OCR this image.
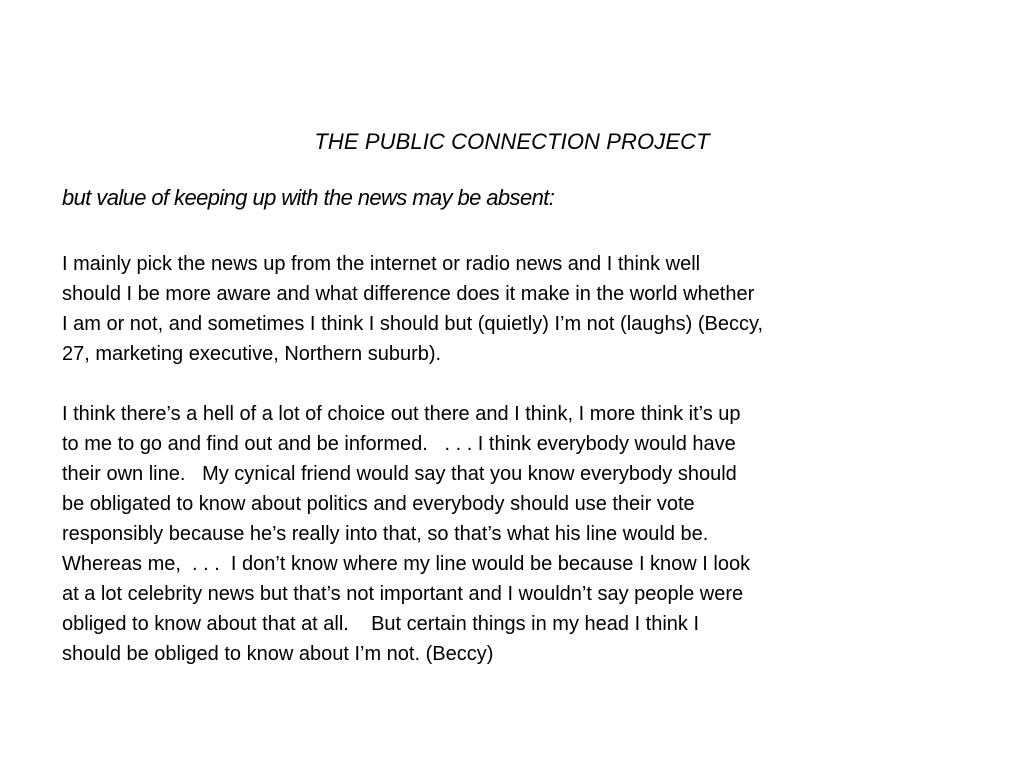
THE PUBLIC CONNECTION PROJECT
but value of keeping up with the news may be absent:

I mainly pick the news up from the internet or radio news and I think well
should I be more aware and what difference does it make in the world whether
I am or not, and sometimes I think I should but (quietly) I’m not (laughs) (Beccy,
27, marketing executive, Northern suburb).

I think there’s a hell of a lot of choice out there and I think, I more think it’s up
to me to go and find out and be informed.   . . . I think everybody would have
their own line.   My cynical friend would say that you know everybody should
be obligated to know about politics and everybody should use their vote
responsibly because he’s really into that, so that’s what his line would be.
Whereas me,  . . .  I don’t know where my line would be because I know I look
at a lot celebrity news but that’s not important and I wouldn’t say people were
obliged to know about that at all.    But certain things in my head I think I
should be obliged to know about I’m not. (Beccy)
